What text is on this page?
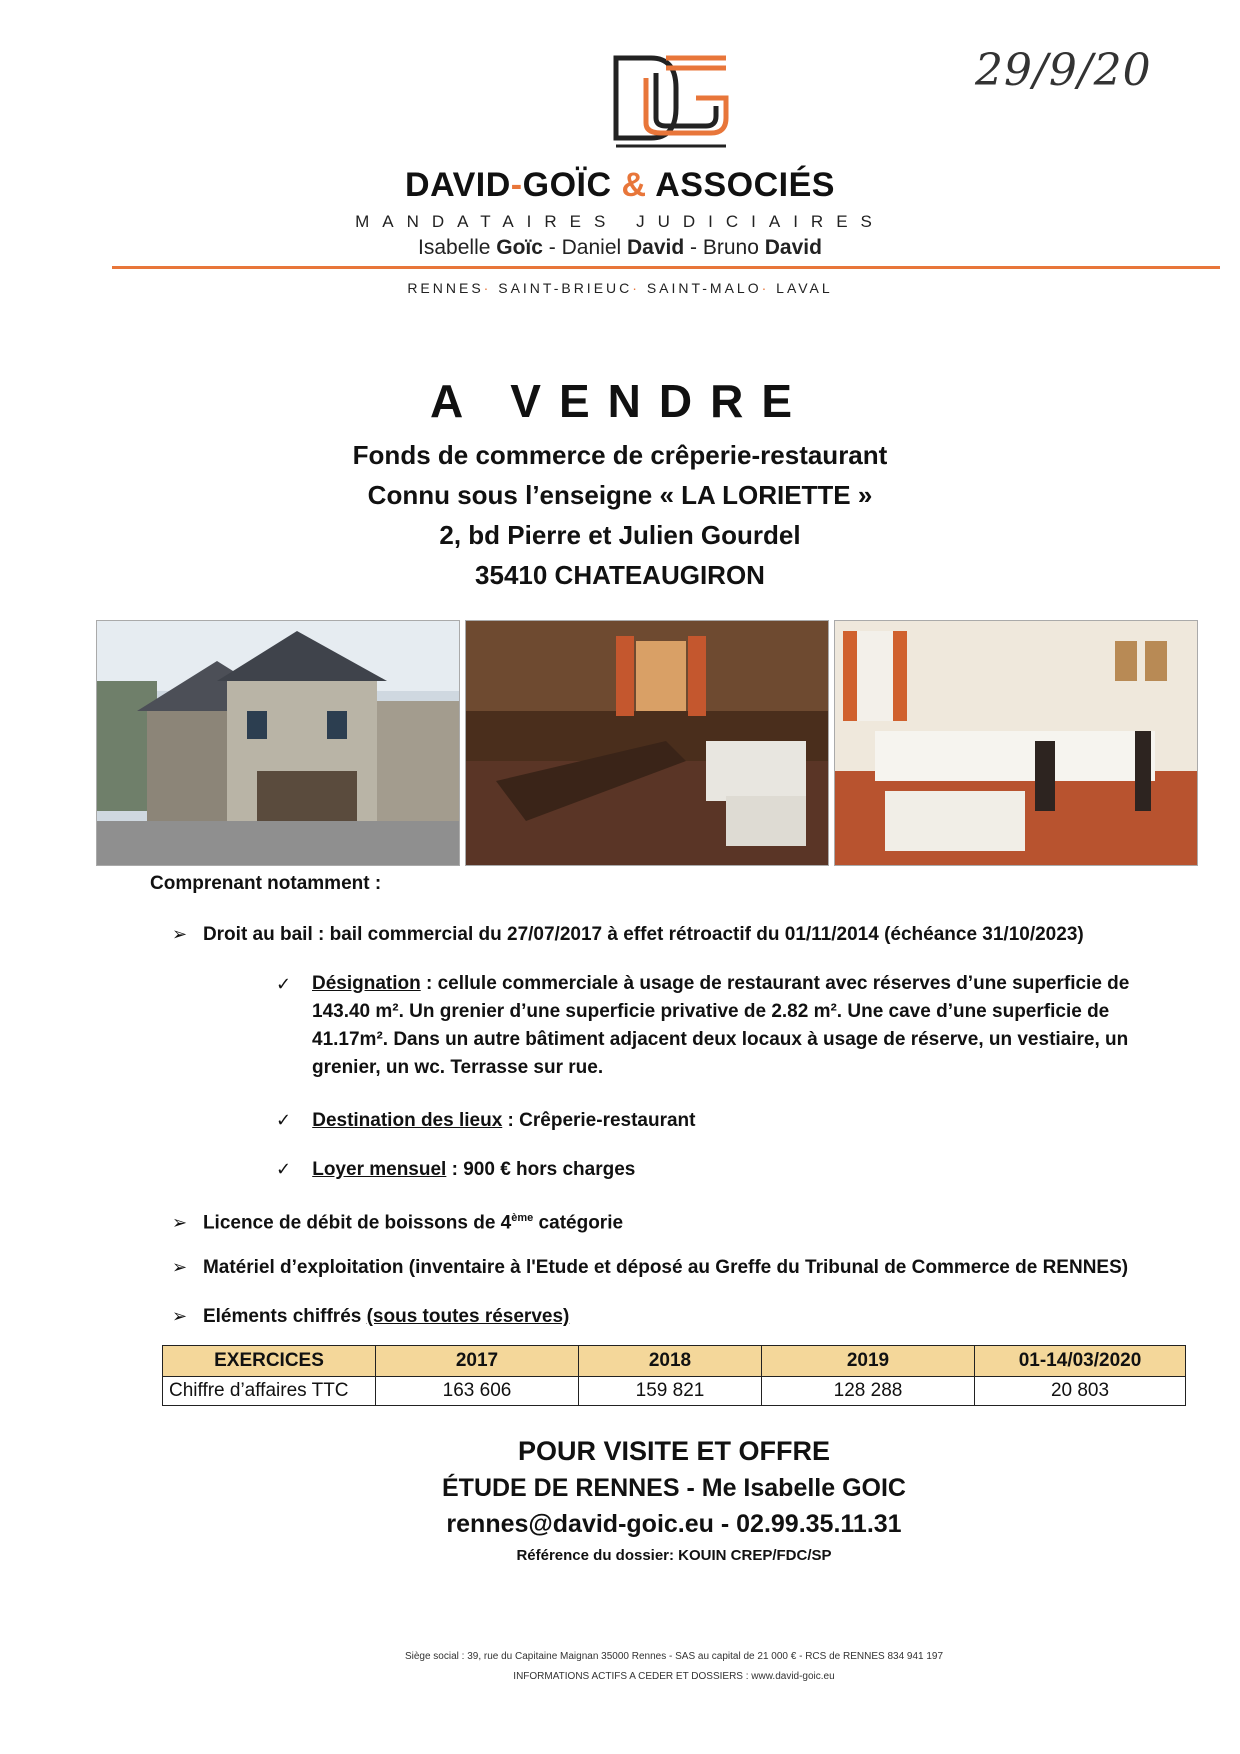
29/9/20
DAVID-GOÏC & ASSOCIÉS
MANDATAIRES JUDICIAIRES
Isabelle Goïc - Daniel David - Bruno David
RENNES· SAINT-BRIEUC· SAINT-MALO· LAVAL
A VENDRE
Fonds de commerce de crêperie-restaurant
Connu sous l’enseigne « LA LORIETTE »
2, bd Pierre et Julien Gourdel
35410 CHATEAUGIRON
Comprenant notamment :
➢ Droit au bail : bail commercial du 27/07/2017 à effet rétroactif du 01/11/2014 (échéance 31/10/2023)
✓	Désignation : cellule commerciale à usage de restaurant avec réserves d’une superficie de
143.40 m². Un grenier d’une superficie privative de 2.82 m². Une cave d’une superficie de
41.17m². Dans un autre bâtiment adjacent deux locaux à usage de réserve, un vestiaire, un
grenier, un wc. Terrasse sur rue.
✓ Destination des lieux : Crêperie-restaurant
✓ Loyer mensuel : 900 € hors charges
➢ Licence de débit de boissons de 4ème catégorie
➢ Matériel d’exploitation (inventaire à l'Etude et déposé au Greffe du Tribunal de Commerce de RENNES)
➢ Eléments chiffrés (sous toutes réserves)
EXERCICES	2017	2018	2019	01-14/03/2020
Chiffre d’affaires TTC	163 606	159 821	128 288	20 803
POUR VISITE ET OFFRE
ÉTUDE DE RENNES - Me Isabelle GOIC
rennes@david-goic.eu - 02.99.35.11.31
Référence du dossier: KOUIN CREP/FDC/SP
Siège social : 39, rue du Capitaine Maignan 35000 Rennes - SAS au capital de 21 000 € - RCS de RENNES 834 941 197
INFORMATIONS ACTIFS A CEDER ET DOSSIERS : www.david-goic.eu
